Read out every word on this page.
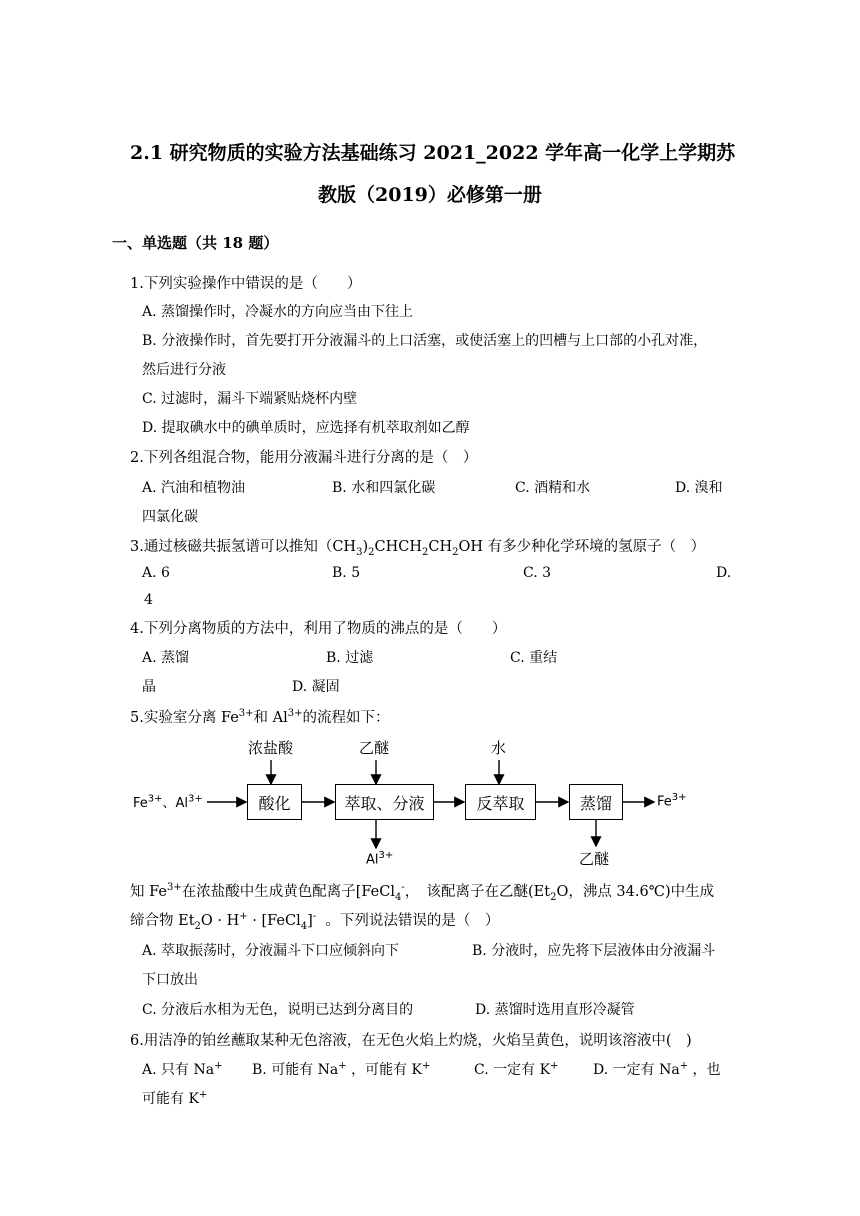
2.1 研究物质的实验方法基础练习 2021_2022 学年高一化学上学期苏
教版（2019）必修第一册
一、单选题（共 18 题）
1.下列实验操作中错误的是（　　）
A. 蒸馏操作时，冷凝水的方向应当由下往上
B. 分液操作时，首先要打开分液漏斗的上口活塞，或使活塞上的凹槽与上口部的小孔对准，
然后进行分液
C. 过滤时，漏斗下端紧贴烧杯内壁
D. 提取碘水中的碘单质时，应选择有机萃取剂如乙醇
2.下列各组混合物，能用分液漏斗进行分离的是（　）
A. 汽油和植物油	B. 水和四氯化碳	C. 酒精和水	D. 溴和
四氯化碳
3.通过核磁共振氢谱可以推知$(CH_3)_2CHCH_2CH_2OH$ 有多少种化学环境的氢原子（　）
A. 6	B. 5	C. 3	D.
4
4.下列分离物质的方法中，利用了物质的沸点的是（　　）
A. 蒸馏	B. 过滤	C. 重结
晶	D. 凝固
5.实验室分离 $Fe^{3+}$和 $Al^{3+}$的流程如下：
$Fe^{3+}$、$Al^{3+}$	酸化	萃取、分液	反萃取	蒸馏
浓盐酸	乙醚	水
$Fe^{3+}$
$Al^{3+}$	乙醚
知 $Fe^{3+}$在浓盐酸中生成黄色配离子[FeCl$_4$-，　该配离子在乙醚($Et_2O$，沸点 34.6℃)中生成
缔合物 $Et_2O \cdot H^+$ · [FeCl$_4$]- 。下列说法错误的是（　）
A. 萃取振荡时，分液漏斗下口应倾斜向下	B. 分液时，应先将下层液体由分液漏斗
下口放出
C. 分液后水相为无色，说明已达到分离目的	D. 蒸馏时选用直形冷凝管
6.用洁净的铂丝蘸取某种无色溶液，在无色火焰上灼烧，火焰呈黄色，说明该溶液中(　)
A. 只有 Na+ B. 可能有 Na+ ，可能有 K+	C. 一定有 K+ D. 一定有 Na+ ，也
可能有 K+
